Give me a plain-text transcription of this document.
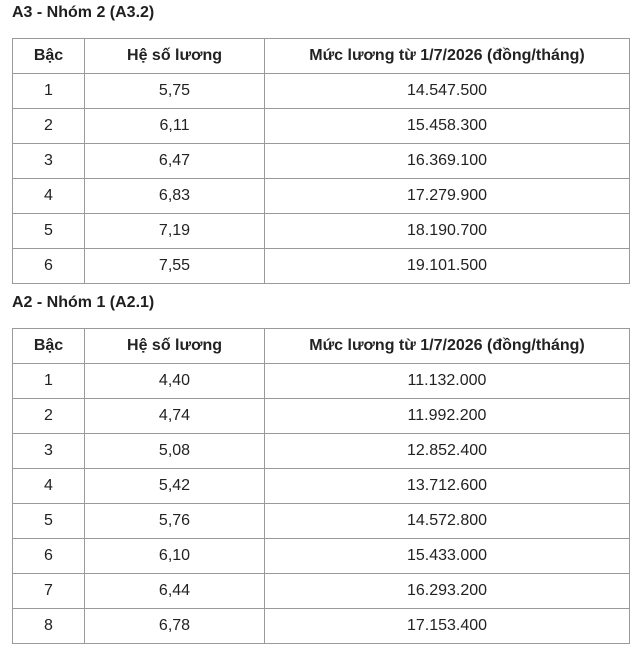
A3 - Nhóm 2 (A3.2)
Bậc	Hệ số lương	Mức lương từ 1/7/2026 (đồng/tháng)
1	5,75	14.547.500
2	6,11	15.458.300
3	6,47	16.369.100
4	6,83	17.279.900
5	7,19	18.190.700
6	7,55	19.101.500
A2 - Nhóm 1 (A2.1)
Bậc	Hệ số lương	Mức lương từ 1/7/2026 (đồng/tháng)
1	4,40	11.132.000
2	4,74	11.992.200
3	5,08	12.852.400
4	5,42	13.712.600
5	5,76	14.572.800
6	6,10	15.433.000
7	6,44	16.293.200
8	6,78	17.153.400
